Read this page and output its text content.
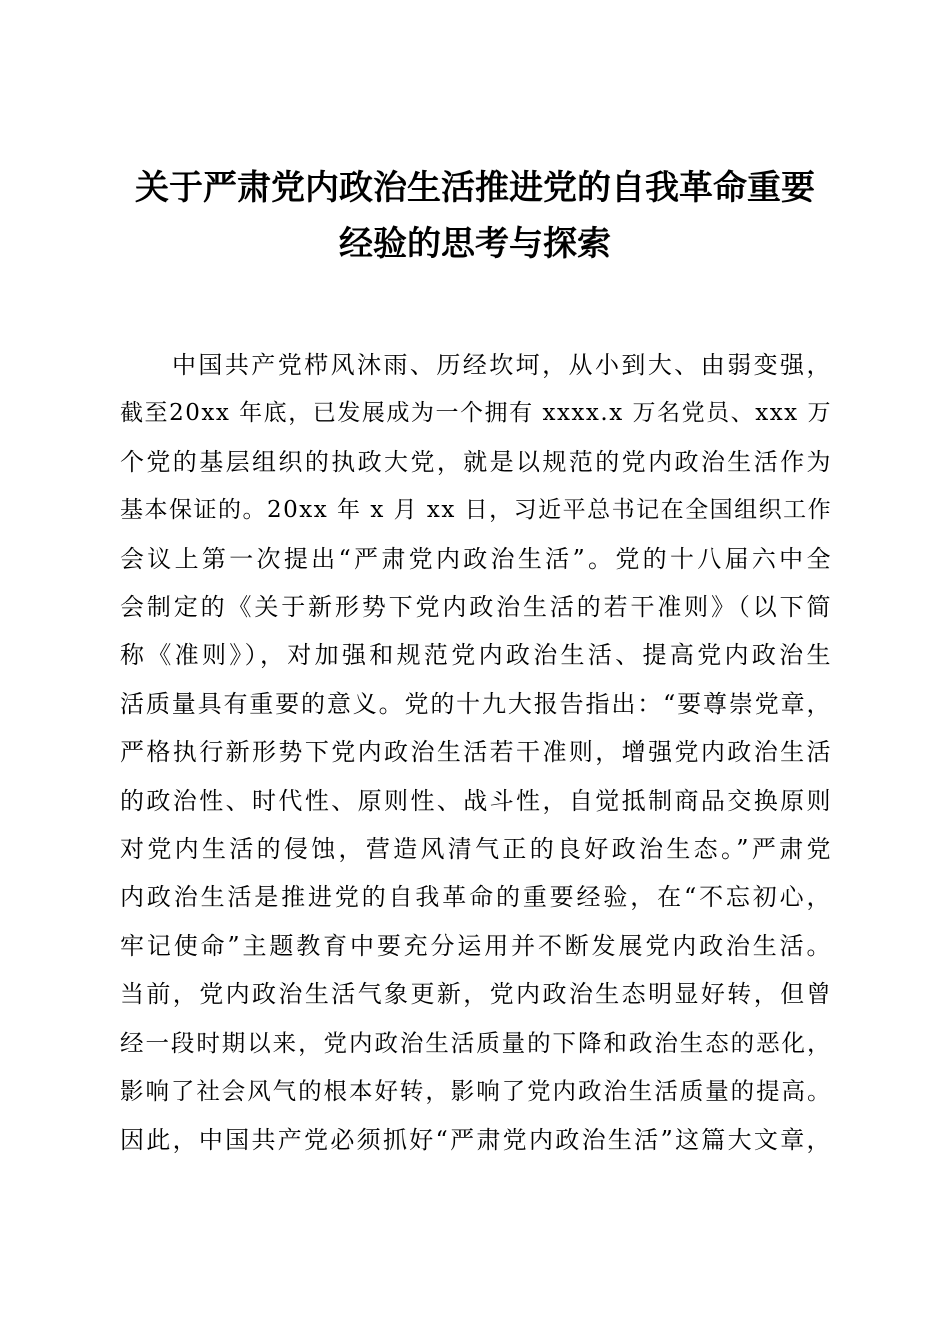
关于严肃党内政治生活推进党的自我革命重要
经验的思考与探索
中国共产党栉风沐雨、历经坎坷，从小到大、由弱变强，
截至20xx 年底，已发展成为一个拥有 xxxx.x 万名党员、xxx 万
个党的基层组织的执政大党，就是以规范的党内政治生活作为
基本保证的。20xx 年 x 月 xx 日，习近平总书记在全国组织工作
会议上第一次提出“严肃党内政治生活”。党的十八届六中全
会制定的《关于新形势下党内政治生活的若干准则》（以下简
称《准则》），对加强和规范党内政治生活、提高党内政治生
活质量具有重要的意义。党的十九大报告指出：“要尊崇党章，
严格执行新形势下党内政治生活若干准则，增强党内政治生活
的政治性、时代性、原则性、战斗性，自觉抵制商品交换原则
对党内生活的侵蚀，营造风清气正的良好政治生态。”严肃党
内政治生活是推进党的自我革命的重要经验，在“不忘初心，
牢记使命”主题教育中要充分运用并不断发展党内政治生活。
当前，党内政治生活气象更新，党内政治生态明显好转，但曾
经一段时期以来，党内政治生活质量的下降和政治生态的恶化，
影响了社会风气的根本好转，影响了党内政治生活质量的提高。
因此，中国共产党必须抓好“严肃党内政治生活”这篇大文章，
